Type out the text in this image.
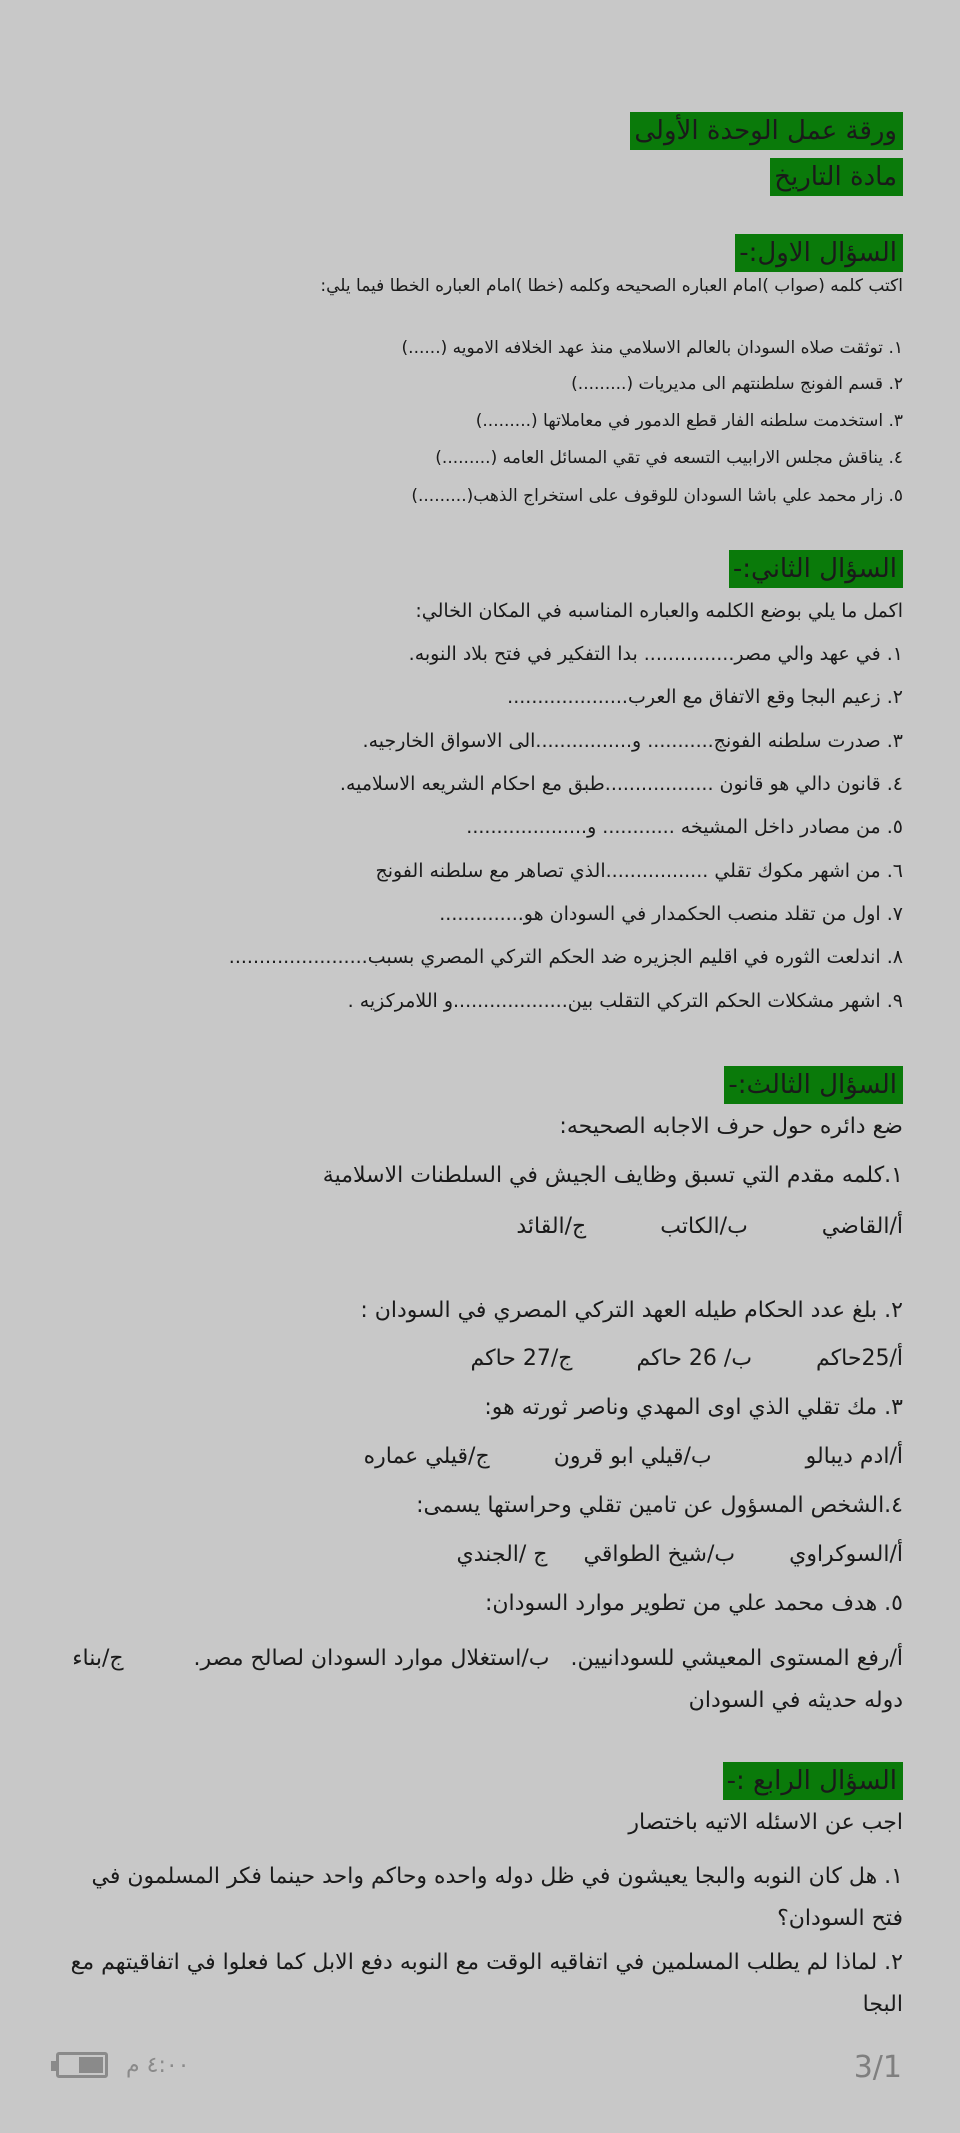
ورقة عمل الوحدة الأولى
مادة التاريخ
السؤال الاول:-
اكتب كلمه (صواب )امام العباره الصحيحه وكلمه (خطا )امام العباره الخطا فيما يلي:
١. توثقت صلاه السودان بالعالم الاسلامي منذ عهد الخلافه الامويه (......)
٢. قسم الفونج سلطنتهم الى مديريات (.........)
٣. استخدمت سلطنه الفار قطع الدمور في معاملاتها (.........)
٤. يناقش مجلس الارابيب التسعه في تقي المسائل العامه (.........)
٥. زار محمد علي باشا السودان للوقوف على استخراج الذهب(.........)
السؤال الثاني:-
اكمل ما يلي بوضع الكلمه والعباره المناسبه في المكان الخالي:
١. في عهد والي مصر............... بدا التفكير في فتح بلاد النوبه.
٢. زعيم البجا وقع الاتفاق مع العرب....................
٣. صدرت سلطنه الفونج........... و................الى الاسواق الخارجيه.
٤. قانون دالي هو قانون ..................طبق مع احكام الشريعه الاسلاميه.
٥. من مصادر داخل المشيخه ............ و....................
٦. من اشهر مكوك تقلي .................الذي تصاهر مع سلطنه الفونج
٧. اول من تقلد منصب الحكمدار في السودان هو..............
٨. اندلعت الثوره في اقليم الجزيره ضد الحكم التركي المصري بسبب.......................
٩. اشهر مشكلات الحكم التركي التقلب بين...................و اللامركزيه .
السؤال الثالث:-
ضع دائره حول حرف الاجابه الصحيحه:
١.كلمه مقدم التي تسبق وظايف الجيش في السلطنات الاسلامية
أ/القاضي  ب/الكاتب  ج/القائد
٢. بلغ عدد الحكام طيله العهد التركي المصري في السودان :
أ/25حاكم  ب/ 26 حاكم  ج/27 حاكم
٣. مك تقلي الذي اوى المهدي وناصر ثورته هو:
أ/ادم ديبالو  ب/قيلي ابو قرون  ج/قيلي عماره
٤.الشخص المسؤول عن تامين تقلي وحراستها يسمى:
أ/السوكراوي  ب/شيخ الطواقي  ج /الجندي
٥. هدف محمد علي من تطوير موارد السودان:
أ/رفع المستوى المعيشي للسودانيين.   ب/استغلال موارد السودان لصالح مصر.          ج/بناء دوله حديثه في السودان
السؤال الرابع :-
اجب عن الاسئله الاتيه باختصار
١. هل كان النوبه والبجا يعيشون في ظل دوله واحده وحاكم واحد حينما فكر المسلمون في فتح السودان؟
٢. لماذا لم يطلب المسلمين في اتفاقيه الوقت مع النوبه دفع الابل كما فعلوا في اتفاقيتهم مع البجا
٤:٠٠ م	3/1
